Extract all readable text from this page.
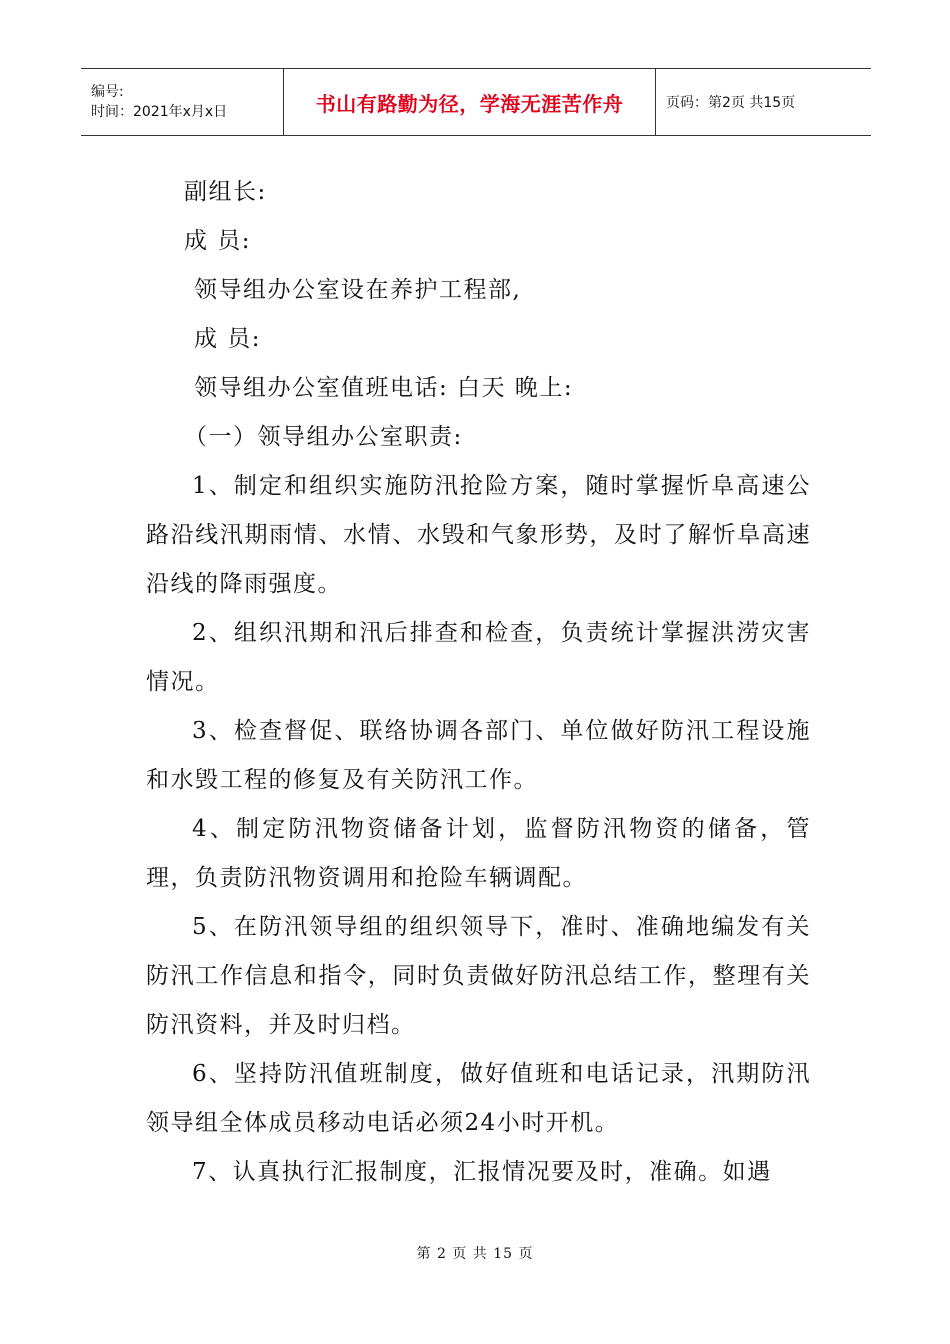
编号:
时间：2021年x月x日	书山有路勤为径，学海无涯苦作舟	页码：第2页 共15页

副组长:

成 员:

领导组办公室设在养护工程部,

成 员:

领导组办公室值班电话: 白天 晚上:

（一）领导组办公室职责:

1、制定和组织实施防汛抢险方案，随时掌握忻阜高速公路沿线汛期雨情、水情、水毁和气象形势，及时了解忻阜高速沿线的降雨强度。

2、组织汛期和汛后排查和检查，负责统计掌握洪涝灾害情况。

3、检查督促、联络协调各部门、单位做好防汛工程设施和水毁工程的修复及有关防汛工作。

4、制定防汛物资储备计划，监督防汛物资的储备，管理，负责防汛物资调用和抢险车辆调配。

5、在防汛领导组的组织领导下，准时、准确地编发有关防汛工作信息和指令，同时负责做好防汛总结工作，整理有关防汛资料，并及时归档。

6、坚持防汛值班制度，做好值班和电话记录，汛期防汛领导组全体成员移动电话必须24小时开机。

7、认真执行汇报制度，汇报情况要及时，准确。如遇

第 2 页 共 15 页
